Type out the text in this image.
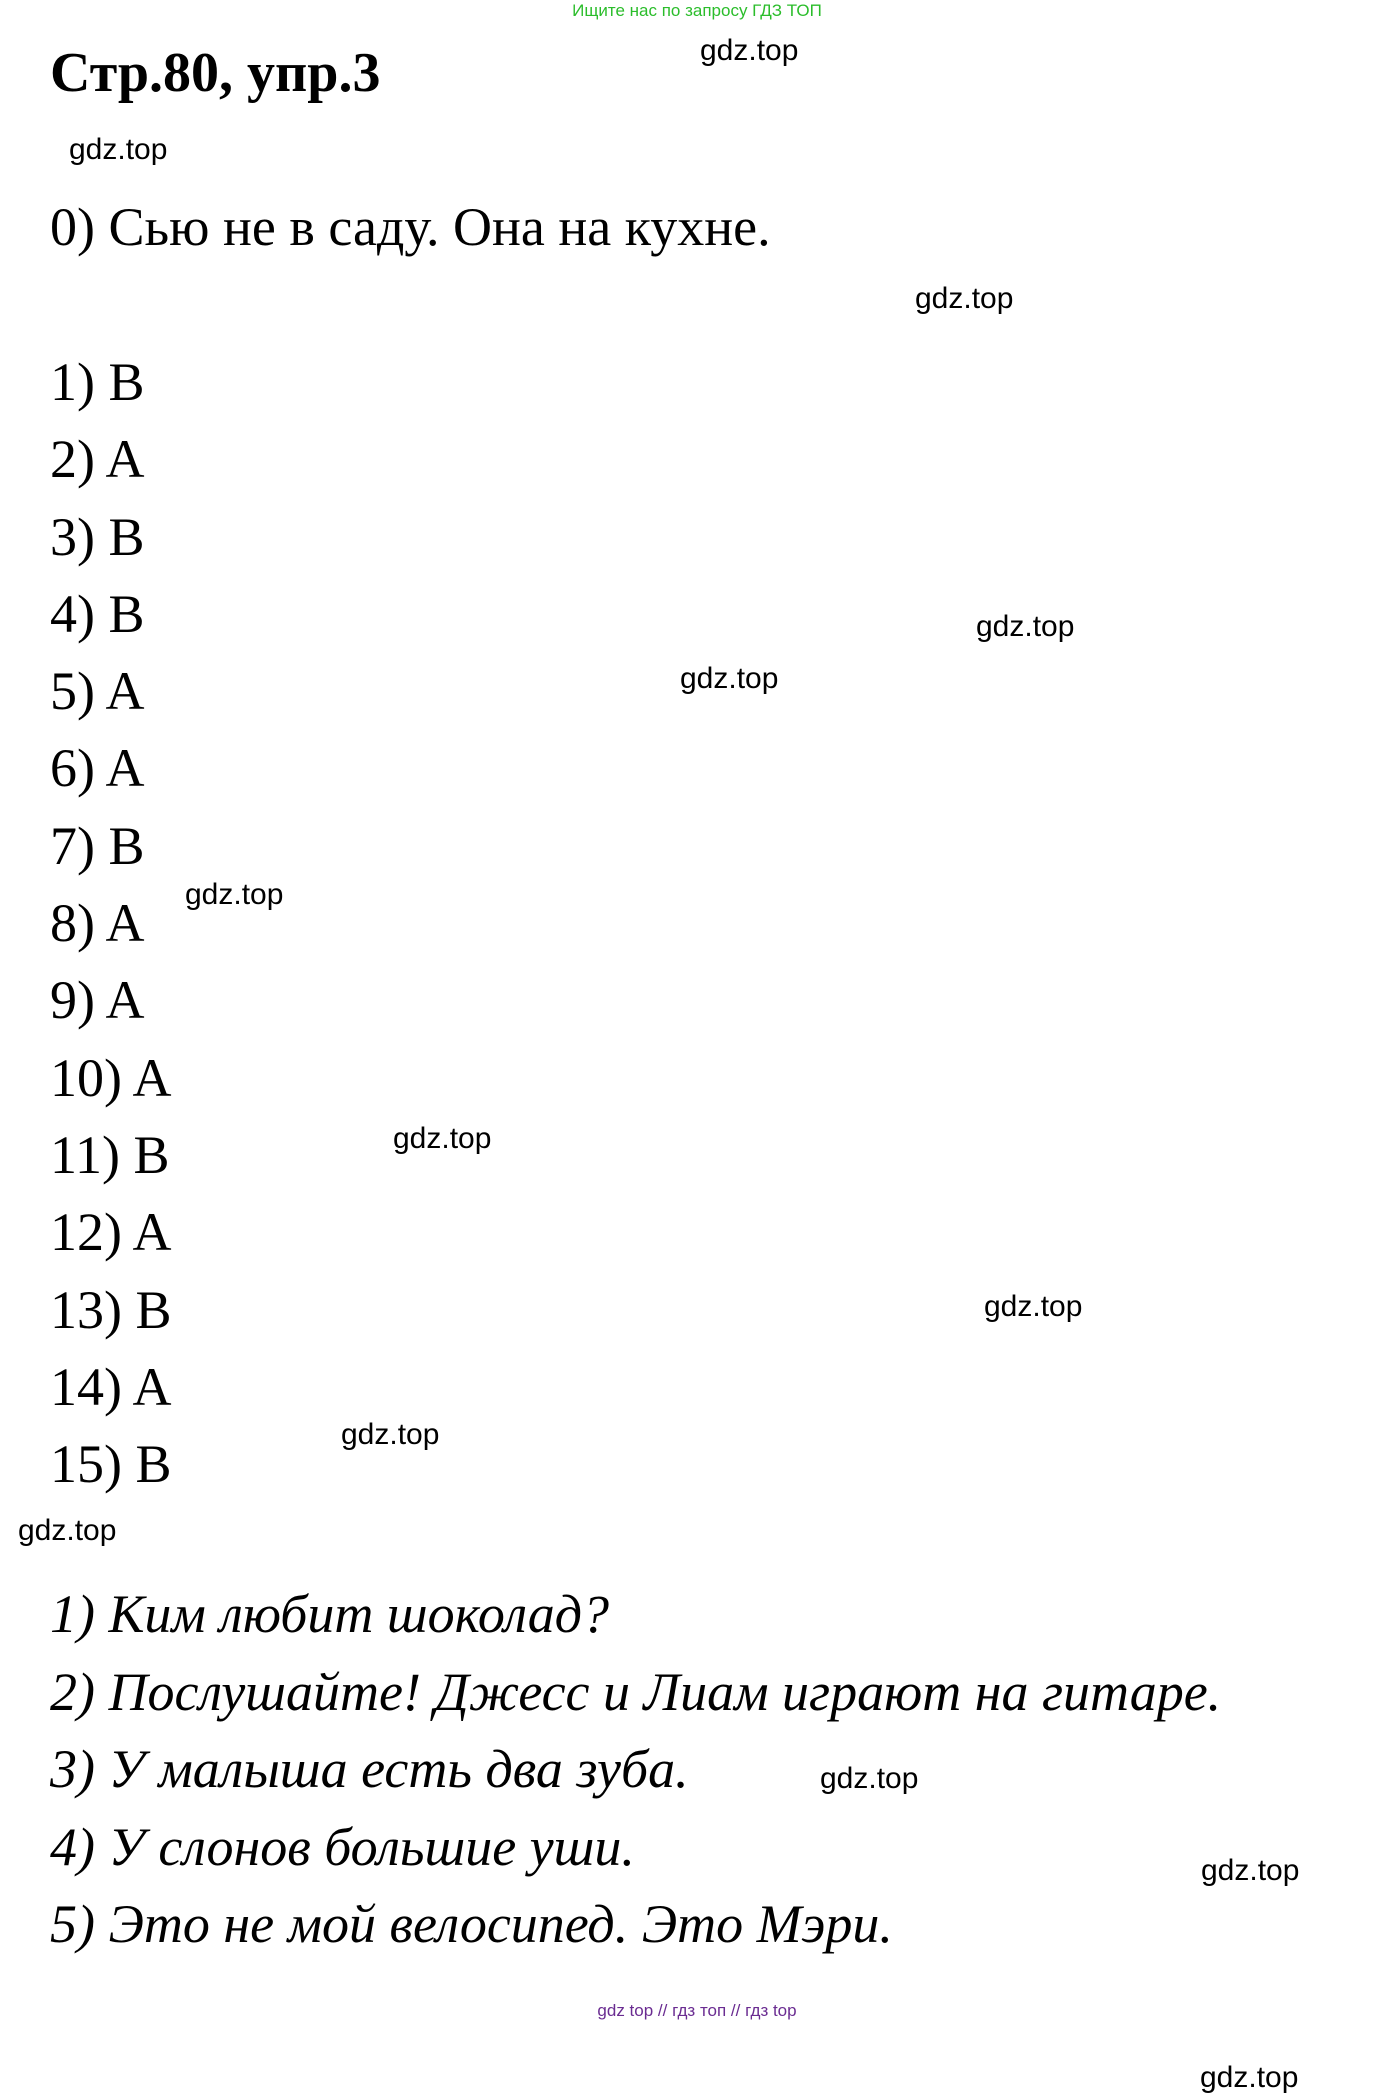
Ищите нас по запросу ГДЗ ТОП
Стр.80, упр.3
0) Сью не в саду. Она на кухне.
1) B
2) A
3) B
4) B
5) A
6) A
7) B
8) A
9) A
10) A
11) B
12) A
13) B
14) A
15) B
1) Ким любит шоколад?
2) Послушайте! Джесс и Лиам играют на гитаре.
3) У малыша есть два зуба.
4) У слонов большие уши.
5) Это не мой велосипед. Это Мэри.
gdz.top
gdz.top
gdz.top
gdz.top
gdz.top
gdz.top
gdz.top
gdz.top
gdz.top
gdz.top
gdz.top
gdz.top
gdz.top
gdz top // гдз топ // гдз top
